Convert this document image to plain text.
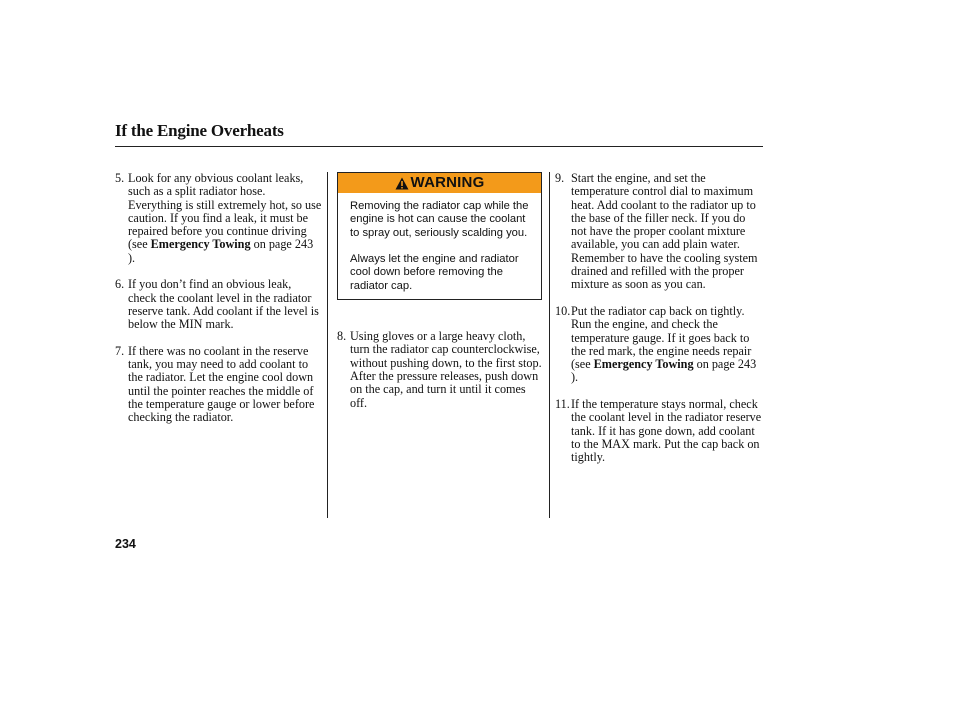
If the Engine Overheats
5. Look for any obvious coolant leaks, such as a split radiator hose. Everything is still extremely hot, so use caution. If you find a leak, it must be repaired before you continue driving (see Emergency Towing on page 243 ).
6. If you don’t find an obvious leak, check the coolant level in the radiator reserve tank. Add coolant if the level is below the MIN mark.
7. If there was no coolant in the reserve tank, you may need to add coolant to the radiator. Let the engine cool down until the pointer reaches the middle of the temperature gauge or lower before checking the radiator.
WARNING

Removing the radiator cap while the engine is hot can cause the coolant to spray out, seriously scalding you.

Always let the engine and radiator cool down before removing the radiator cap.

8. Using gloves or a large heavy cloth, turn the radiator cap counterclockwise, without pushing down, to the first stop. After the pressure releases, push down on the cap, and turn it until it comes off.
9. Start the engine, and set the temperature control dial to maximum heat. Add coolant to the radiator up to the base of the filler neck. If you do not have the proper coolant mixture available, you can add plain water. Remember to have the cooling system drained and refilled with the proper mixture as soon as you can.
10. Put the radiator cap back on tightly. Run the engine, and check the temperature gauge. If it goes back to the red mark, the engine needs repair (see Emergency Towing on page 243 ).
11. If the temperature stays normal, check the coolant level in the radiator reserve tank. If it has gone down, add coolant to the MAX mark. Put the cap back on tightly.
234
